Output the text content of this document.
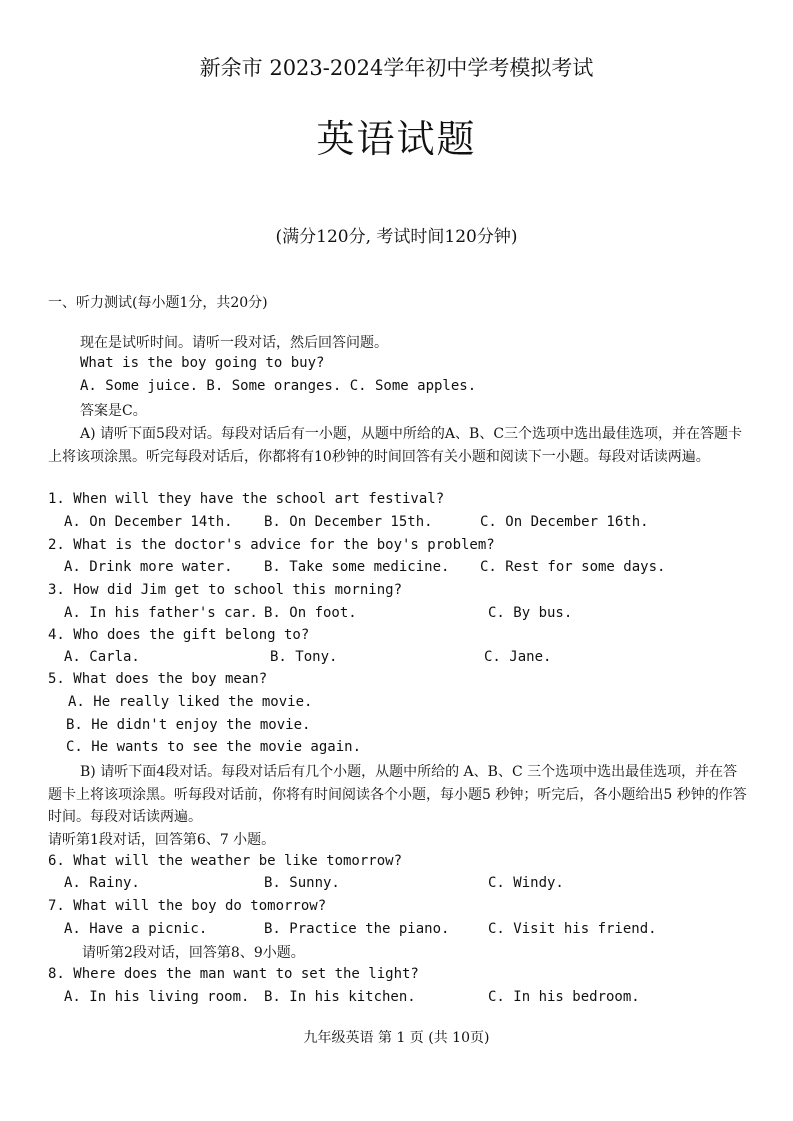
新余市 2023-2024学年初中学考模拟考试
英语试题
(满分120分, 考试时间120分钟)
一、听力测试(每小题1分，共20分)
现在是试听时间。请听一段对话，然后回答问题。
What is the boy going to buy?
A. Some juice. B. Some oranges. C. Some apples.
答案是C。
A) 请听下面5段对话。每段对话后有一小题，从题中所给的A、B、C三个选项中选出最佳选项，并在答题卡上将该项涂黑。听完每段对话后，你都将有10秒钟的时间回答有关小题和阅读下一小题。每段对话读两遍。
1. When will they have the school art festival?
A. On December 14th. B. On December 15th.	C. On December 16th.
2. What is the doctor's advice for the boy's problem?
A. Drink more water. B. Take some medicine. C. Rest for some days.
3. How did Jim get to school this morning?
A. In his father's car. B. On foot.	C. By bus.
4. Who does the gift belong to?
A. Carla.	B. Tony.	C. Jane.
5. What does the boy mean?
A. He really liked the movie.
B. He didn't enjoy the movie.
C. He wants to see the movie again.
B) 请听下面4段对话。每段对话后有几个小题，从题中所给的 A、B、C 三个选项中选出最佳选项，并在答题卡上将该项涂黑。听每段对话前，你将有时间阅读各个小题，每小题5 秒钟；听完后，各小题给出5 秒钟的作答时间。每段对话读两遍。
请听第1段对话，回答第6、7 小题。
6. What will the weather be like tomorrow?
A. Rainy.	B. Sunny.	C. Windy.
7. What will the boy do tomorrow?
A. Have a picnic.	B. Practice the piano.	C. Visit his friend.
请听第2段对话，回答第8、9小题。
8. Where does the man want to set the light?
A. In his living room. B. In his kitchen.	C. In his bedroom.
九年级英语 第 1 页 (共 10页)
